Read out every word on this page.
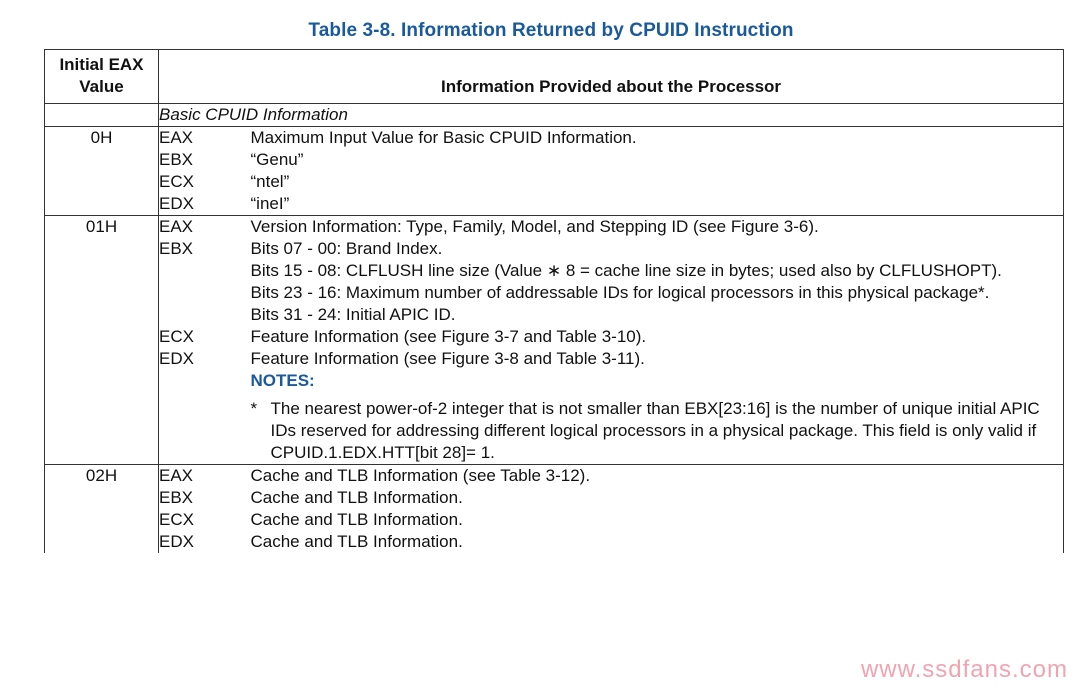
Table 3-8. Information Returned by CPUID Instruction
Initial EAX Value	Information Provided about the Processor	
	Basic CPUID Information	
0H	EAX	Maximum Input Value for Basic CPUID Information.

	EBX	“Genu”

	ECX	“ntel”

	EDX	“ineI”

01H	EAX	Version Information: Type, Family, Model, and Stepping ID (see Figure 3-6).

	EBX	Bits 07 - 00: Brand Index.
Bits 15 - 08: CLFLUSH line size (Value ∗ 8 = cache line size in bytes; used also by CLFLUSHOPT).
Bits 23 - 16: Maximum number of addressable IDs for logical processors in this physical package*.
Bits 31 - 24: Initial APIC ID.

	ECX	Feature Information (see Figure 3-7 and Table 3-10).

	EDX	Feature Information (see Figure 3-8 and Table 3-11).

		NOTES:
* The nearest power-of-2 integer that is not smaller than EBX[23:16] is the number of unique initial APIC IDs reserved for addressing different logical processors in a physical package. This field is only valid if CPUID.1.EDX.HTT[bit 28]= 1.

02H	EAX	Cache and TLB Information (see Table 3-12).

	EBX	Cache and TLB Information.

	ECX	Cache and TLB Information.

	EDX	Cache and TLB Information.
www.ssdfans.com
